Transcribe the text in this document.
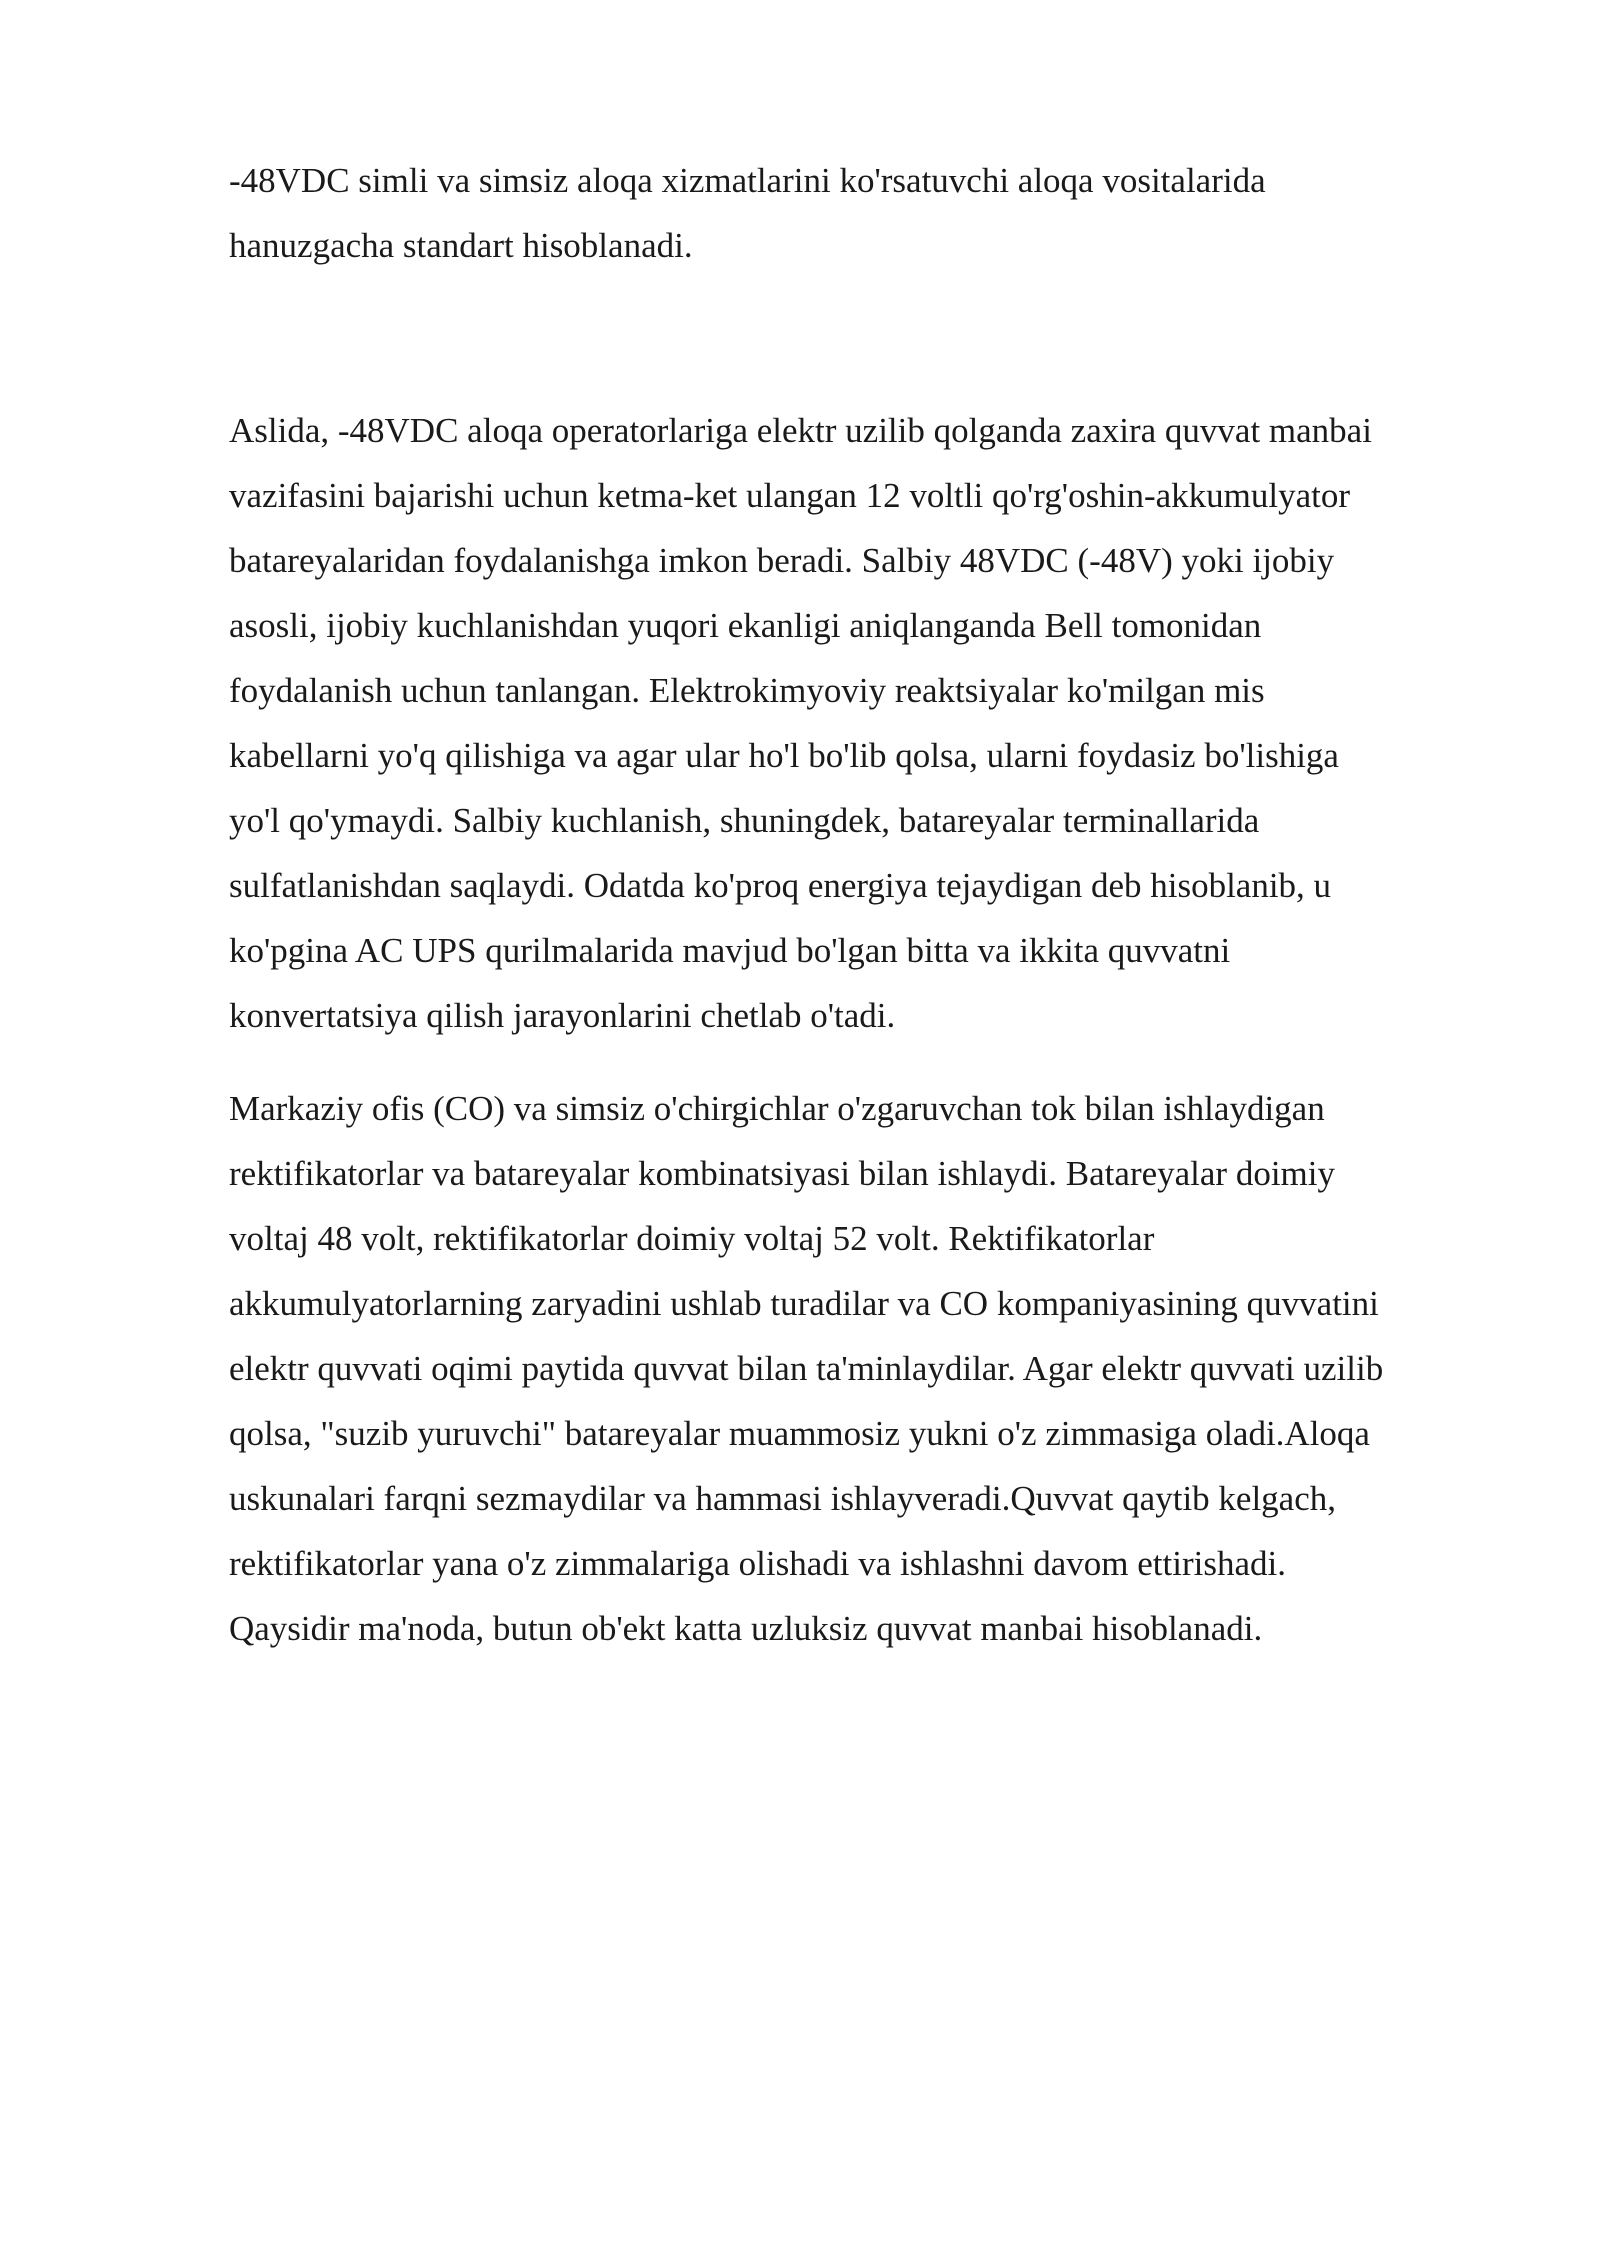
-48VDC simli va simsiz aloqa xizmatlarini ko'rsatuvchi aloqa vositalarida
hanuzgacha standart hisoblanadi.

Aslida, -48VDC aloqa operatorlariga elektr uzilib qolganda zaxira quvvat manbai
vazifasini bajarishi uchun ketma-ket ulangan 12 voltli qo'rg'oshin-akkumulyator
batareyalaridan foydalanishga imkon beradi. Salbiy 48VDC (-48V) yoki ijobiy
asosli, ijobiy kuchlanishdan yuqori ekanligi aniqlanganda Bell tomonidan
foydalanish uchun tanlangan. Elektrokimyoviy reaktsiyalar ko'milgan mis
kabellarni yo'q qilishiga va agar ular ho'l bo'lib qolsa, ularni foydasiz bo'lishiga
yo'l qo'ymaydi. Salbiy kuchlanish, shuningdek, batareyalar terminallarida
sulfatlanishdan saqlaydi. Odatda ko'proq energiya tejaydigan deb hisoblanib, u
ko'pgina AC UPS qurilmalarida mavjud bo'lgan bitta va ikkita quvvatni
konvertatsiya qilish jarayonlarini chetlab o'tadi.

Markaziy ofis (CO) va simsiz o'chirgichlar o'zgaruvchan tok bilan ishlaydigan
rektifikatorlar va batareyalar kombinatsiyasi bilan ishlaydi. Batareyalar doimiy
voltaj 48 volt, rektifikatorlar doimiy voltaj 52 volt. Rektifikatorlar
akkumulyatorlarning zaryadini ushlab turadilar va CO kompaniyasining quvvatini
elektr quvvati oqimi paytida quvvat bilan ta'minlaydilar. Agar elektr quvvati uzilib
qolsa, "suzib yuruvchi" batareyalar muammosiz yukni o'z zimmasiga oladi.Aloqa
uskunalari farqni sezmaydilar va hammasi ishlayveradi.Quvvat qaytib kelgach,
rektifikatorlar yana o'z zimmalariga olishadi va ishlashni davom ettirishadi.
Qaysidir ma'noda, butun ob'ekt katta uzluksiz quvvat manbai hisoblanadi.
